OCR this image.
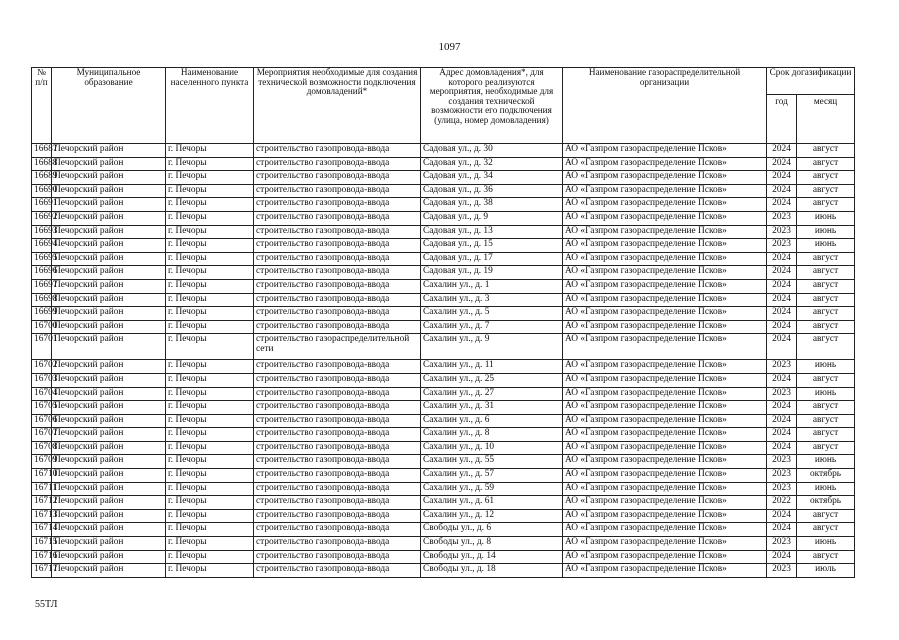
1097
№ п/п	Муниципальное образование	Наименование населенного пункта	Мероприятия необходимые для создания технической возможности подключения домовладений*	Адрес домовладения*, для которого реализуются мероприятия, необходимые для создания технической возможности его подключения (улица, номер домовладения)	Наименование газораспределительной организации	Срок догазификации	
						год	месяц
16687	Печорский район	г. Печоры	строительство газопровода-ввода	Садовая ул., д. 30	АО «Газпром газораспределение Псков»	2024	август
16688	Печорский район	г. Печоры	строительство газопровода-ввода	Садовая ул., д. 32	АО «Газпром газораспределение Псков»	2024	август
16689	Печорский район	г. Печоры	строительство газопровода-ввода	Садовая ул., д. 34	АО «Газпром газораспределение Псков»	2024	август
16690	Печорский район	г. Печоры	строительство газопровода-ввода	Садовая ул., д. 36	АО «Газпром газораспределение Псков»	2024	август
16691	Печорский район	г. Печоры	строительство газопровода-ввода	Садовая ул., д. 38	АО «Газпром газораспределение Псков»	2024	август
16692	Печорский район	г. Печоры	строительство газопровода-ввода	Садовая ул., д. 9	АО «Газпром газораспределение Псков»	2023	июнь
16693	Печорский район	г. Печоры	строительство газопровода-ввода	Садовая ул., д. 13	АО «Газпром газораспределение Псков»	2023	июнь
16694	Печорский район	г. Печоры	строительство газопровода-ввода	Садовая ул., д. 15	АО «Газпром газораспределение Псков»	2023	июнь
16695	Печорский район	г. Печоры	строительство газопровода-ввода	Садовая ул., д. 17	АО «Газпром газораспределение Псков»	2024	август
16696	Печорский район	г. Печоры	строительство газопровода-ввода	Садовая ул., д. 19	АО «Газпром газораспределение Псков»	2024	август
16697	Печорский район	г. Печоры	строительство газопровода-ввода	Сахалин ул., д. 1	АО «Газпром газораспределение Псков»	2024	август
16698	Печорский район	г. Печоры	строительство газопровода-ввода	Сахалин ул., д. 3	АО «Газпром газораспределение Псков»	2024	август
16699	Печорский район	г. Печоры	строительство газопровода-ввода	Сахалин ул., д. 5	АО «Газпром газораспределение Псков»	2024	август
16700	Печорский район	г. Печоры	строительство газопровода-ввода	Сахалин ул., д. 7	АО «Газпром газораспределение Псков»	2024	август
16701	Печорский район	г. Печоры	строительство газораспределительной сети	Сахалин ул., д. 9	АО «Газпром газораспределение Псков»	2024	август
16702	Печорский район	г. Печоры	строительство газопровода-ввода	Сахалин ул., д. 11	АО «Газпром газораспределение Псков»	2023	июнь
16703	Печорский район	г. Печоры	строительство газопровода-ввода	Сахалин ул., д. 25	АО «Газпром газораспределение Псков»	2024	август
16704	Печорский район	г. Печоры	строительство газопровода-ввода	Сахалин ул., д. 27	АО «Газпром газораспределение Псков»	2023	июнь
16705	Печорский район	г. Печоры	строительство газопровода-ввода	Сахалин ул., д. 31	АО «Газпром газораспределение Псков»	2024	август
16706	Печорский район	г. Печоры	строительство газопровода-ввода	Сахалин ул., д. 6	АО «Газпром газораспределение Псков»	2024	август
16707	Печорский район	г. Печоры	строительство газопровода-ввода	Сахалин ул., д. 8	АО «Газпром газораспределение Псков»	2024	август
16708	Печорский район	г. Печоры	строительство газопровода-ввода	Сахалин ул., д. 10	АО «Газпром газораспределение Псков»	2024	август
16709	Печорский район	г. Печоры	строительство газопровода-ввода	Сахалин ул., д. 55	АО «Газпром газораспределение Псков»	2023	июнь
16710	Печорский район	г. Печоры	строительство газопровода-ввода	Сахалин ул., д. 57	АО «Газпром газораспределение Псков»	2023	октябрь
16711	Печорский район	г. Печоры	строительство газопровода-ввода	Сахалин ул., д. 59	АО «Газпром газораспределение Псков»	2023	июнь
16712	Печорский район	г. Печоры	строительство газопровода-ввода	Сахалин ул., д. 61	АО «Газпром газораспределение Псков»	2022	октябрь
16713	Печорский район	г. Печоры	строительство газопровода-ввода	Сахалин ул., д. 12	АО «Газпром газораспределение Псков»	2024	август
16714	Печорский район	г. Печоры	строительство газопровода-ввода	Свободы ул., д. 6	АО «Газпром газораспределение Псков»	2024	август
16715	Печорский район	г. Печоры	строительство газопровода-ввода	Свободы ул., д. 8	АО «Газпром газораспределение Псков»	2023	июнь
16716	Печорский район	г. Печоры	строительство газопровода-ввода	Свободы ул., д. 14	АО «Газпром газораспределение Псков»	2024	август
16717	Печорский район	г. Печоры	строительство газопровода-ввода	Свободы ул., д. 18	АО «Газпром газораспределение Псков»	2023	июль
55ТЛ
